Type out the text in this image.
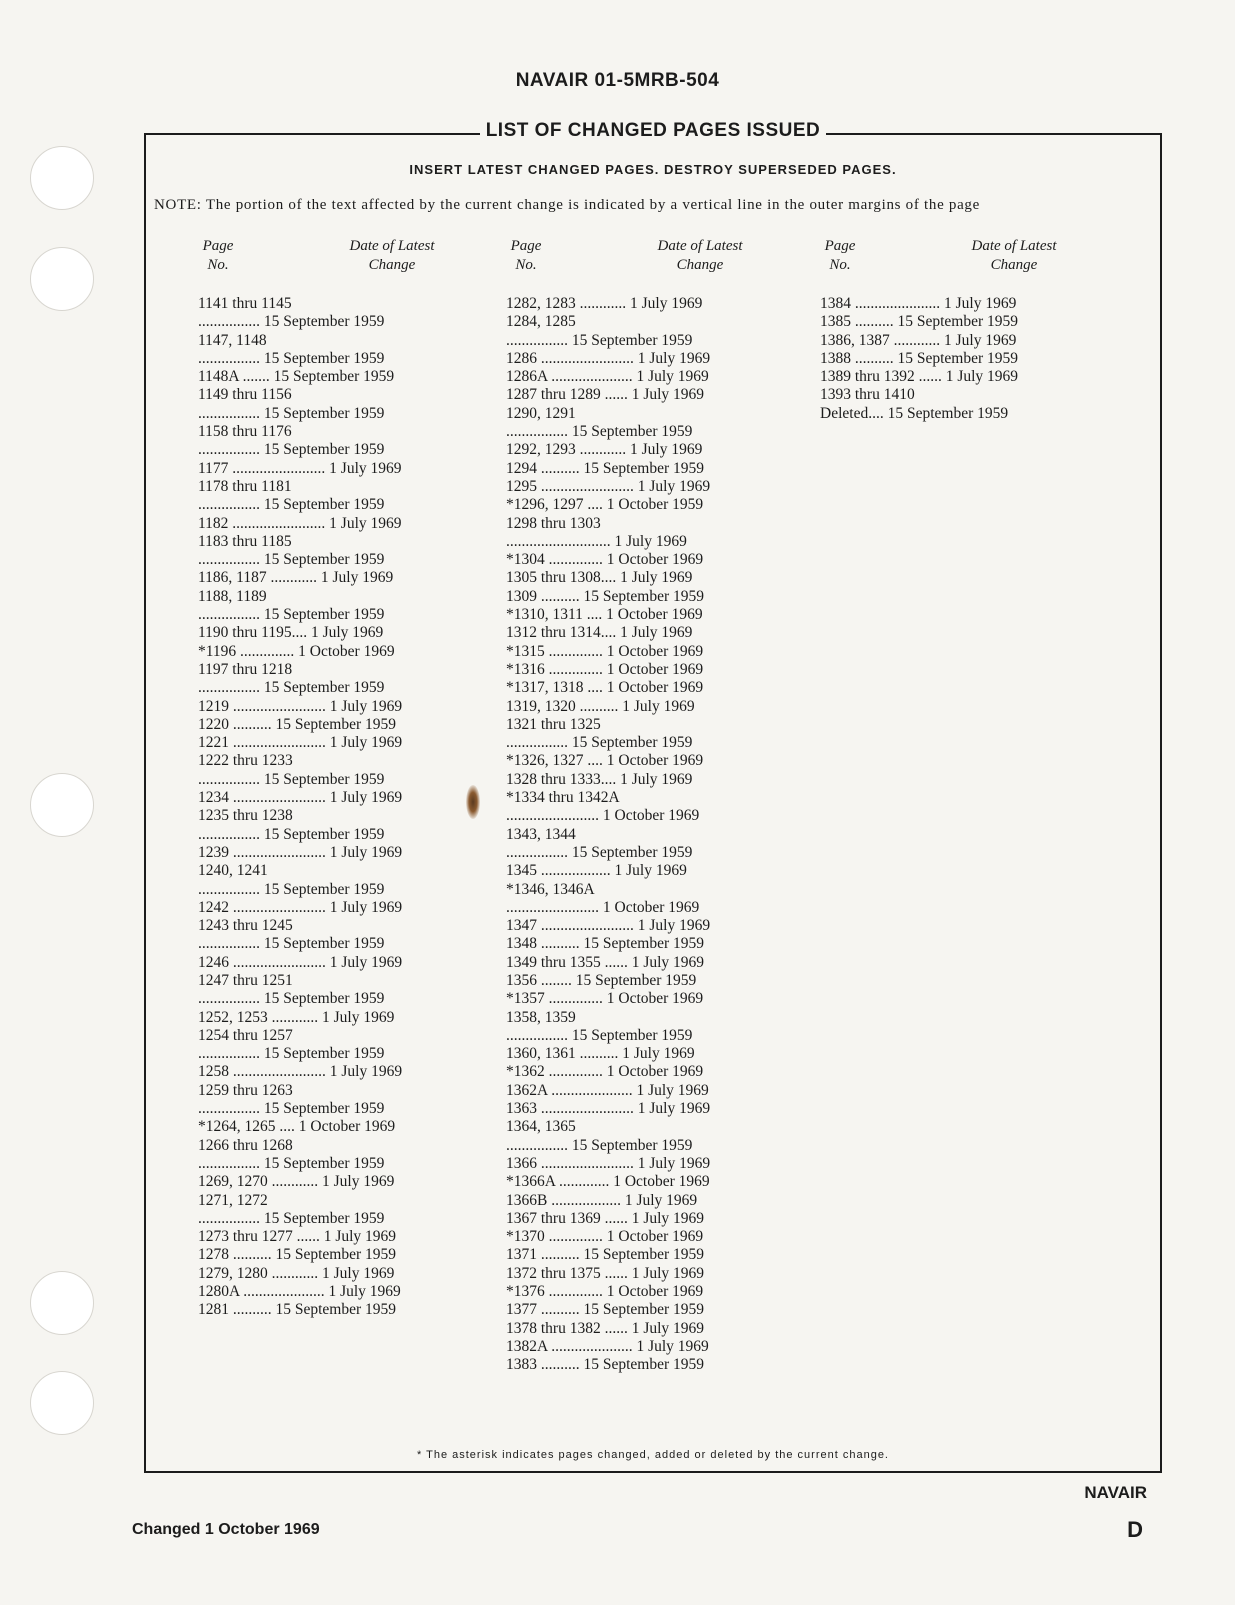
NAVAIR 01-5MRB-504
LIST OF CHANGED PAGES ISSUED
INSERT LATEST CHANGED PAGES. DESTROY SUPERSEDED PAGES.
NOTE: The portion of the text affected by the current change is indicated by a vertical line in the outer margins of the page
Page No.
Date of Latest Change
1141 thru 1145
................ 15 September 1959
1147, 1148
................ 15 September 1959
1148A ....... 15 September 1959
1149 thru 1156
................ 15 September 1959
1158 thru 1176
................ 15 September 1959
1177 ........................ 1 July 1969
1178 thru 1181
................ 15 September 1959
1182 ........................ 1 July 1969
1183 thru 1185
................ 15 September 1959
1186, 1187 ............ 1 July 1969
1188, 1189
................ 15 September 1959
1190 thru 1195.... 1 July 1969
*1196 .............. 1 October 1969
1197 thru 1218
................ 15 September 1959
1219 ........................ 1 July 1969
1220 .......... 15 September 1959
1221 ........................ 1 July 1969
1222 thru 1233
................ 15 September 1959
1234 ........................ 1 July 1969
1235 thru 1238
................ 15 September 1959
1239 ........................ 1 July 1969
1240, 1241
................ 15 September 1959
1242 ........................ 1 July 1969
1243 thru 1245
................ 15 September 1959
1246 ........................ 1 July 1969
1247 thru 1251
................ 15 September 1959
1252, 1253 ............ 1 July 1969
1254 thru 1257
................ 15 September 1959
1258 ........................ 1 July 1969
1259 thru 1263
................ 15 September 1959
*1264, 1265 .... 1 October 1969
1266 thru 1268
................ 15 September 1959
1269, 1270 ............ 1 July 1969
1271, 1272
................ 15 September 1959
1273 thru 1277 ...... 1 July 1969
1278 .......... 15 September 1959
1279, 1280 ............ 1 July 1969
1280A ..................... 1 July 1969
1281 .......... 15 September 1959
Page No.
Date of Latest Change
1282, 1283 ............ 1 July 1969
1284, 1285
................ 15 September 1959
1286 ........................ 1 July 1969
1286A ..................... 1 July 1969
1287 thru 1289 ...... 1 July 1969
1290, 1291
................ 15 September 1959
1292, 1293 ............ 1 July 1969
1294 .......... 15 September 1959
1295 ........................ 1 July 1969
*1296, 1297 .... 1 October 1959
1298 thru 1303
........................... 1 July 1969
*1304 .............. 1 October 1969
1305 thru 1308.... 1 July 1969
1309 .......... 15 September 1959
*1310, 1311 .... 1 October 1969
1312 thru 1314.... 1 July 1969
*1315 .............. 1 October 1969
*1316 .............. 1 October 1969
*1317, 1318 .... 1 October 1969
1319, 1320 .......... 1 July 1969
1321 thru 1325
................ 15 September 1959
*1326, 1327 .... 1 October 1969
1328 thru 1333.... 1 July 1969
*1334 thru 1342A
........................ 1 October 1969
1343, 1344
................ 15 September 1959
1345 .................. 1 July 1969
*1346, 1346A
........................ 1 October 1969
1347 ........................ 1 July 1969
1348 .......... 15 September 1959
1349 thru 1355 ...... 1 July 1969
1356 ........ 15 September 1959
*1357 .............. 1 October 1969
1358, 1359
................ 15 September 1959
1360, 1361 .......... 1 July 1969
*1362 .............. 1 October 1969
1362A ..................... 1 July 1969
1363 ........................ 1 July 1969
1364, 1365
................ 15 September 1959
1366 ........................ 1 July 1969
*1366A ............. 1 October 1969
1366B .................. 1 July 1969
1367 thru 1369 ...... 1 July 1969
*1370 .............. 1 October 1969
1371 .......... 15 September 1959
1372 thru 1375 ...... 1 July 1969
*1376 .............. 1 October 1969
1377 .......... 15 September 1959
1378 thru 1382 ...... 1 July 1969
1382A ..................... 1 July 1969
1383 .......... 15 September 1959
Page No.
Date of Latest Change
1384 ...................... 1 July 1969
1385 .......... 15 September 1959
1386, 1387 ............ 1 July 1969
1388 .......... 15 September 1959
1389 thru 1392 ...... 1 July 1969
1393 thru 1410
Deleted.... 15 September 1959
* The asterisk indicates pages changed, added or deleted by the current change.
Changed 1 October 1969
NAVAIR
D
